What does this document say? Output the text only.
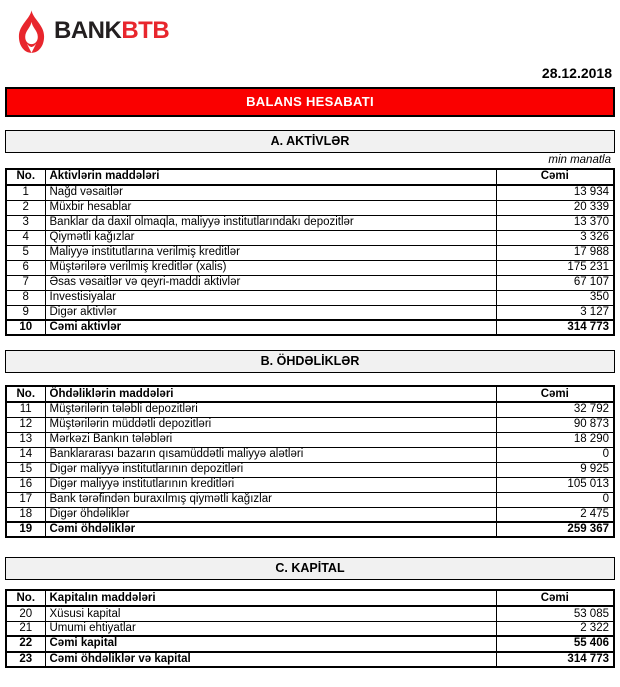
BANKBTB
28.12.2018
BALANS HESABATI
A. AKTİVLƏR
min manatla
No.	Aktivlərin maddələri	Cəmi
1	Nağd vəsaitlər	13 934
2	Müxbir hesablar	20 339
3	Banklar da daxil olmaqla, maliyyə institutlarındakı depozitlər	13 370
4	Qiymətli kağızlar	3 326
5	Maliyyə institutlarına verilmiş kreditlər	17 988
6	Müştərilərə verilmiş kreditlər (xalis)	175 231
7	Əsas vəsaitlər və qeyri-maddi aktivlər	67 107
8	İnvestisiyalar	350
9	Digər aktivlər	3 127
10	Cəmi aktivlər	314 773
B. ÖHDƏLİKLƏR
No.	Öhdəliklərin maddələri	Cəmi
11	Müştərilərin tələbli depozitləri	32 792
12	Müştərilərin müddətli depozitləri	90 873
13	Mərkəzi Bankın tələbləri	18 290
14	Banklararası bazarın qısamüddətli maliyyə alətləri	0
15	Digər maliyyə institutlarının depozitləri	9 925
16	Digər maliyyə institutlarının kreditləri	105 013
17	Bank tərəfindən buraxılmış qiymətli kağızlar	0
18	Digər öhdəliklər	2 475
19	Cəmi öhdəliklər	259 367
C. KAPİTAL
No.	Kapitalın maddələri	Cəmi
20	Xüsusi kapital	53 085
21	Ümumi ehtiyatlar	2 322
22	Cəmi kapital	55 406
23	Cəmi öhdəliklər və kapital	314 773
